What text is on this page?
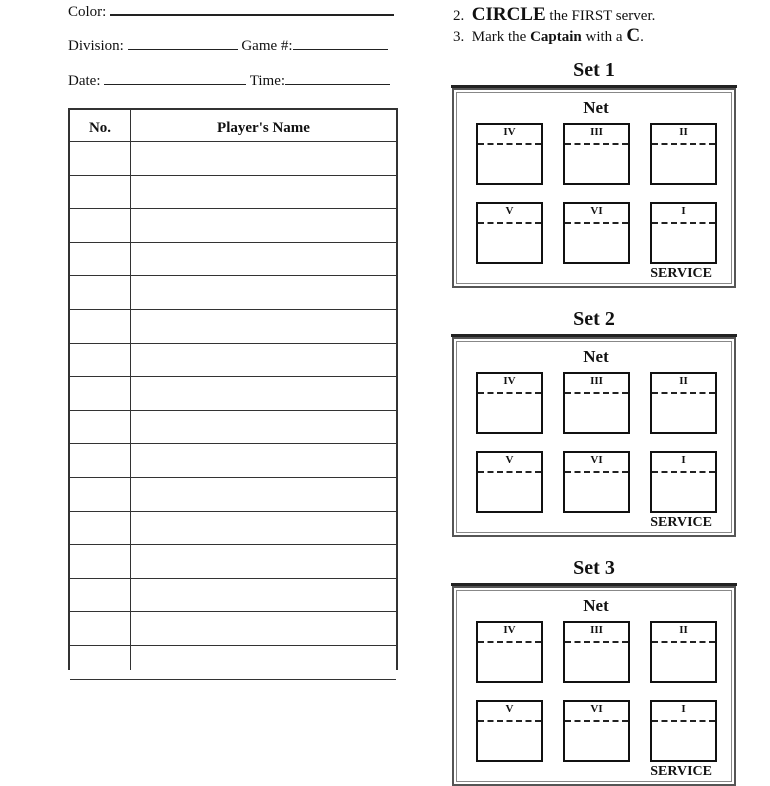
Color:
Division:	Game #:
Date:	Time:
No.	Player's Name
2. CIRCLE the FIRST server.
3. Mark the Captain with a C.
Set 1
Net
IV	III	II
V	VI	I
SERVICE
Set 2
Net
IV	III	II
V	VI	I
SERVICE
Set 3
Net
IV	III	II
V	VI	I
SERVICE
